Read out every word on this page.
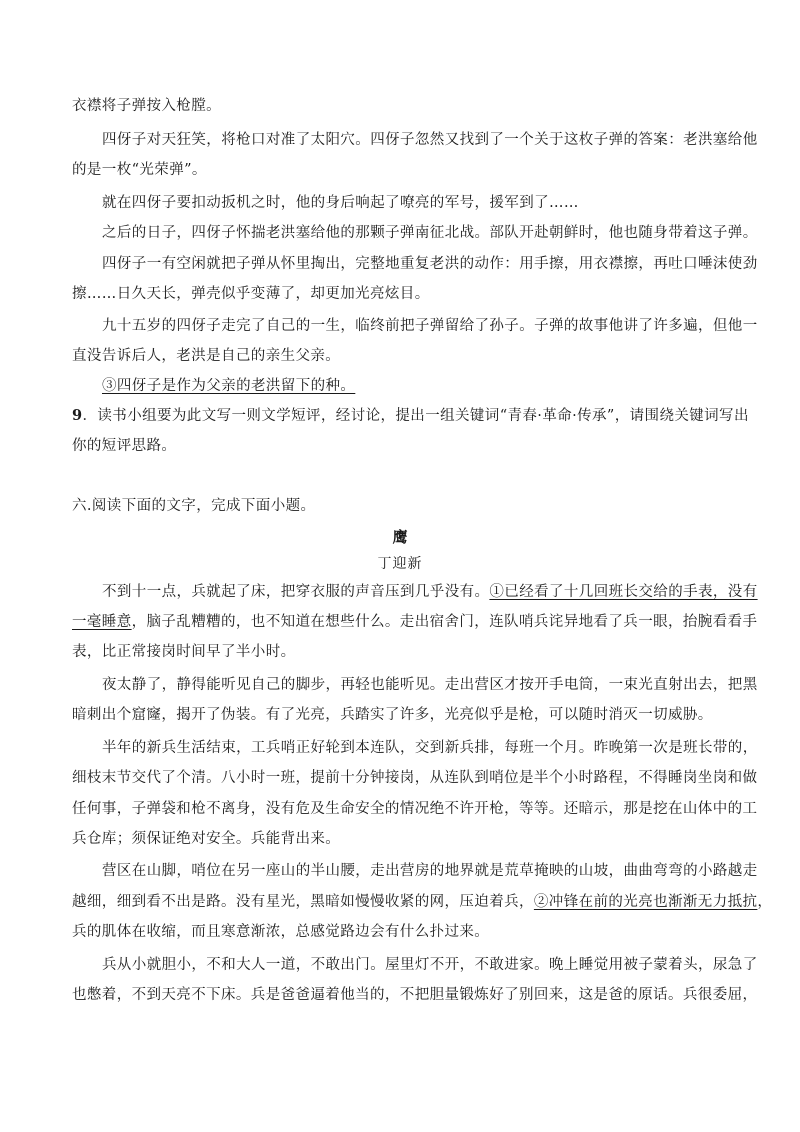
衣襟将子弹按入枪膛。
四伢子对天狂笑，将枪口对准了太阳穴。四伢子忽然又找到了一个关于这枚子弹的答案：老洪塞给他
的是一枚“光荣弹”。
就在四伢子要扣动扳机之时，他的身后响起了嘹亮的军号，援军到了……
之后的日子，四伢子怀揣老洪塞给他的那颗子弹南征北战。部队开赴朝鲜时，他也随身带着这子弹。
四伢子一有空闲就把子弹从怀里掏出，完整地重复老洪的动作：用手擦，用衣襟擦，再吐口唾沫使劲
擦……日久天长，弹壳似乎变薄了，却更加光亮炫目。
九十五岁的四伢子走完了自己的一生，临终前把子弹留给了孙子。子弹的故事他讲了许多遍，但他一
直没告诉后人，老洪是自己的亲生父亲。
③四伢子是作为父亲的老洪留下的种。
9．读书小组要为此文写一则文学短评，经讨论，提出一组关键词“青春·革命·传承”，请围绕关键词写出
你的短评思路。
六.阅读下面的文字，完成下面小题。
鹰
丁迎新
不到十一点，兵就起了床，把穿衣服的声音压到几乎没有。①已经看了十几回班长交给的手表，没有
一毫睡意，脑子乱糟糟的，也不知道在想些什么。走出宿舍门，连队哨兵诧异地看了兵一眼，抬腕看看手
表，比正常接岗时间早了半小时。
夜太静了，静得能听见自己的脚步，再轻也能听见。走出营区才按开手电筒，一束光直射出去，把黑
暗刺出个窟窿，揭开了伪装。有了光亮，兵踏实了许多，光亮似乎是枪，可以随时消灭一切威胁。
半年的新兵生活结束，工兵哨正好轮到本连队，交到新兵排，每班一个月。昨晚第一次是班长带的，
细枝末节交代了个清。八小时一班，提前十分钟接岗，从连队到哨位是半个小时路程，不得睡岗坐岗和做
任何事，子弹袋和枪不离身，没有危及生命安全的情况绝不许开枪，等等。还暗示，那是挖在山体中的工
兵仓库；须保证绝对安全。兵能背出来。
营区在山脚，哨位在另一座山的半山腰，走出营房的地界就是荒草掩映的山坡，曲曲弯弯的小路越走
越细，细到看不出是路。没有星光，黑暗如慢慢收紧的网，压迫着兵，②冲锋在前的光亮也渐渐无力抵抗，
兵的肌体在收缩，而且寒意渐浓，总感觉路边会有什么扑过来。
兵从小就胆小，不和大人一道，不敢出门。屋里灯不开，不敢进家。晚上睡觉用被子蒙着头，尿急了
也憋着，不到天亮不下床。兵是爸爸逼着他当的，不把胆量锻炼好了别回来，这是爸的原话。兵很委屈，
